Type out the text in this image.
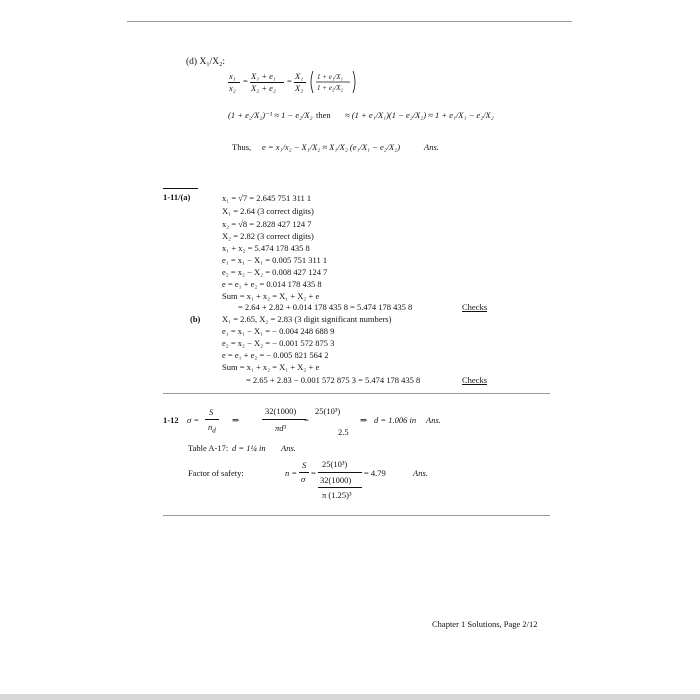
(d) X₁/X₂:
x₁
x₂
= X₁ + e₁
X₂ + e₂
= X₁
X₂
1 + e₁/X₁
1 + e₂/X₂
(1 + e₂/X₂)⁻¹ ≈ 1 − e₂/X₂ then ≈ (1 + e₁/X₁)(1 − e₂/X₂) ≈ 1 + e₁/X₁ − e₂/X₂
Thus, e = x₁/x₂ − X₁/X₂ ≈ X₁/X₂ (e₁/X₁ − e₂/X₂)	Ans.
1-11/(a)	x₁ = √7 = 2.645 751 311 1
X₁ = 2.64 (3 correct digits)
x₂ = √8 = 2.828 427 124 7
X₂ = 2.82 (3 correct digits)
x₁ + x₂ = 5.474 178 435 8
e₁ = x₁ − X₁ = 0.005 751 311 1
e₂ = x₂ − X₂ = 0.008 427 124 7
e = e₁ + e₂ = 0.014 178 435 8
Sum = x₁ + x₂ = X₁ + X₂ + e
= 2.64 + 2.82 + 0.014 178 435 8 = 5.474 178 435 8	Checks
(b)	X₁ = 2.65, X₂ = 2.83 (3 digit significant numbers)
e₁ = x₁ − X₁ = − 0.004 248 688 9
e₂ = x₂ − X₂ = − 0.001 572 875 3
e = e₁ + e₂ = − 0.005 821 564 2
Sum = x₁ + x₂ = X₁ + X₂ + e
= 2.65 + 2.83 − 0.001 572 875 3 = 5.474 178 435 8	Checks
1-12 σ =
S
$n_d$
⇒
32(1000)
πd³
=
25(10³)
2.5
⇒ d = 1.006 in Ans.
Table A-17: d = 1¼ in Ans.
Factor of safety:	n =
S
σ
=
25(10³)
32(1000)
π (1.25)³
= 4.79	Ans.
Chapter 1 Solutions, Page 2/12
